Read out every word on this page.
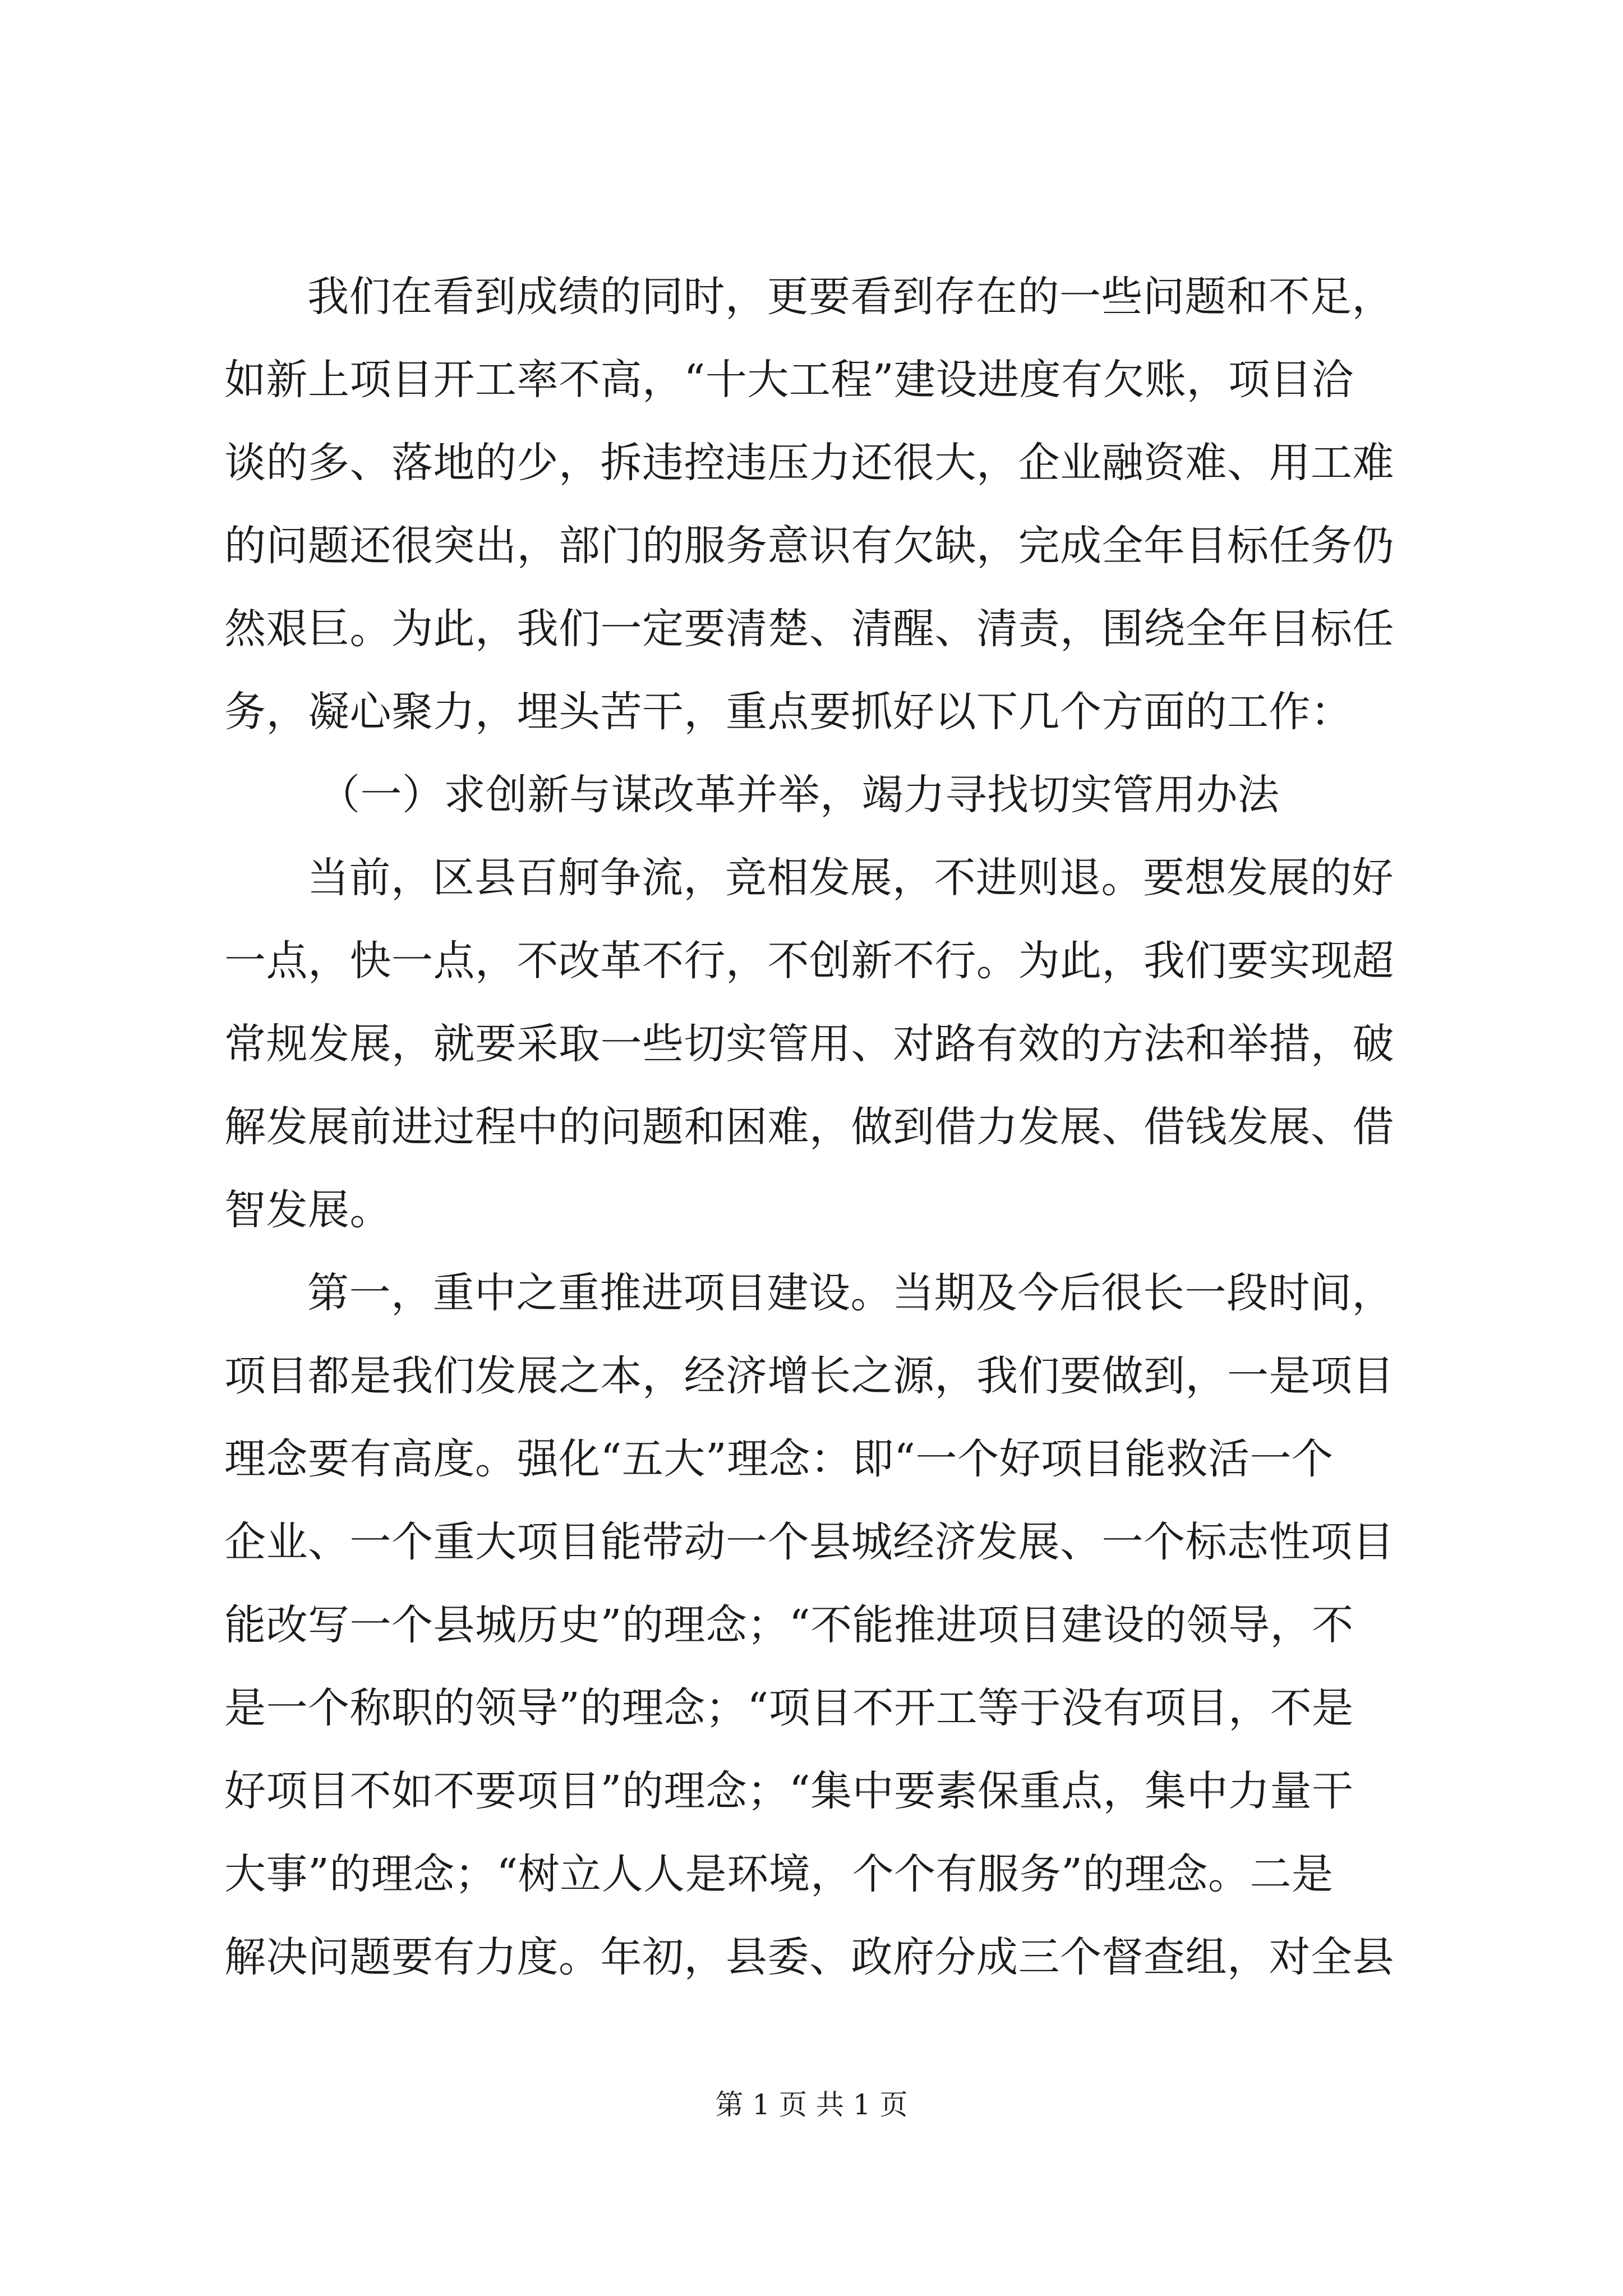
我们在看到成绩的同时，更要看到存在的一些问题和不足，
如新上项目开工率不高，“十大工程”建设进度有欠账，项目洽
谈的多、落地的少，拆违控违压力还很大，企业融资难、用工难
的问题还很突出，部门的服务意识有欠缺，完成全年目标任务仍
然艰巨。为此，我们一定要清楚、清醒、清责，围绕全年目标任
务，凝心聚力，埋头苦干，重点要抓好以下几个方面的工作：
（一）求创新与谋改革并举，竭力寻找切实管用办法
当前，区县百舸争流，竞相发展，不进则退。要想发展的好
一点，快一点，不改革不行，不创新不行。为此，我们要实现超
常规发展，就要采取一些切实管用、对路有效的方法和举措，破
解发展前进过程中的问题和困难，做到借力发展、借钱发展、借
智发展。
第一，重中之重推进项目建设。当期及今后很长一段时间，
项目都是我们发展之本，经济增长之源，我们要做到，一是项目
理念要有高度。强化“五大”理念：即“一个好项目能救活一个
企业、一个重大项目能带动一个县城经济发展、一个标志性项目
能改写一个县城历史”的理念；“不能推进项目建设的领导，不
是一个称职的领导”的理念；“项目不开工等于没有项目，不是
好项目不如不要项目”的理念；“集中要素保重点，集中力量干
大事”的理念；“树立人人是环境，个个有服务”的理念。二是
解决问题要有力度。年初，县委、政府分成三个督查组，对全县
第 1 页 共 1 页
